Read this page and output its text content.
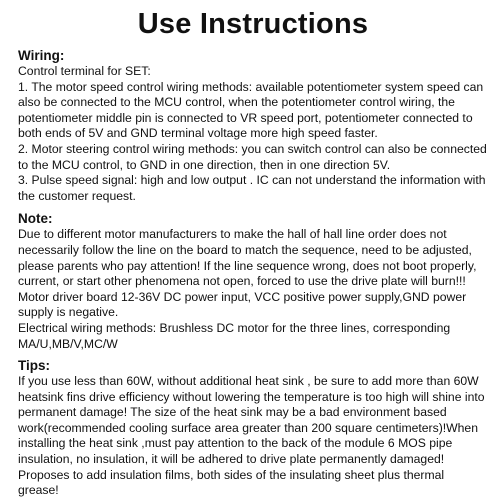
Use Instructions
Wiring:

Control terminal for SET:

1. The motor speed control wiring methods: available potentiometer system speed can also be connected to the MCU control, when the potentiometer control wiring, the potentiometer middle pin is connected to VR speed port, potentiometer connected to both ends of 5V and GND terminal voltage more high speed faster.

2. Motor steering control wiring methods: you can switch control can also be connected to the MCU control, to GND in one direction, then in one direction 5V.

3. Pulse speed signal: high and low output . IC can not understand the information with the customer request.

Note:

Due to different motor manufacturers to make the hall of hall line order does not necessarily follow the line on the board to match the sequence, need to be adjusted, please parents who pay attention! If the line sequence wrong, does not boot properly, current, or start other phenomena not open, forced to use the drive plate will burn!!!

Motor driver board 12-36V DC power input, VCC positive power supply,GND power supply is negative.

Electrical wiring methods: Brushless DC motor for the three lines, corresponding MA/U,MB/V,MC/W

Tips:

If you use less than 60W, without additional heat sink , be sure to add more than 60W heatsink fins drive efficiency without lowering the temperature is too high will shine into permanent damage! The size of the heat sink may be a bad environment based work(recommended cooling surface area greater than 200 square centimeters)!When installing the heat sink ,must pay attention to the back of the module 6 MOS pipe insulation, no insulation, it will be adhered to drive plate permanently damaged! Proposes to add insulation films, both sides of the insulating sheet plus thermal grease!
